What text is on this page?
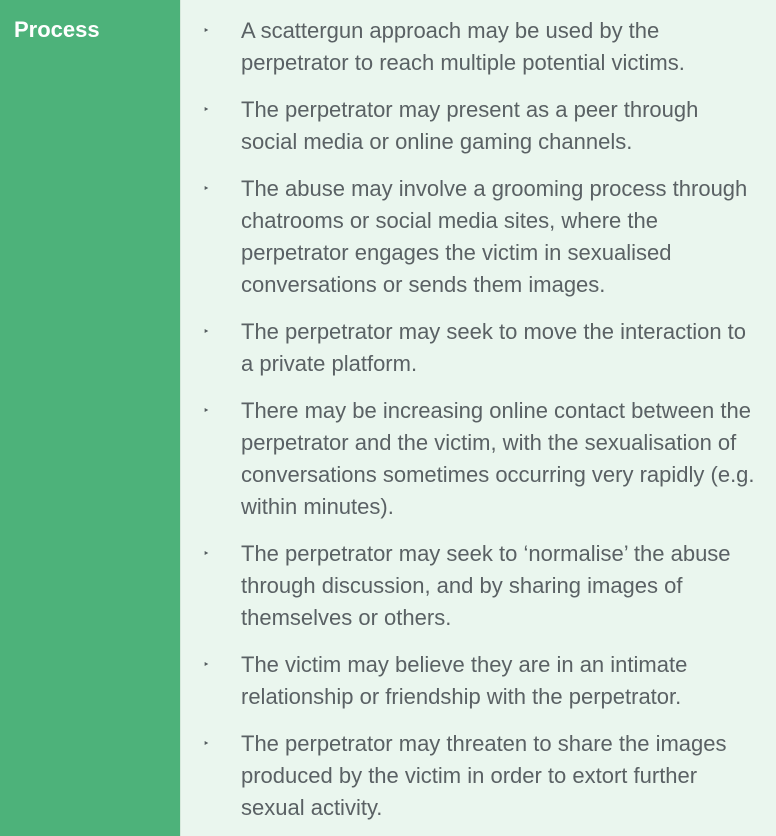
Process	‣	A scattergun approach may be used by the perpetrator to reach multiple potential victims.
‣	The perpetrator may present as a peer through social media or online gaming channels.
‣	The abuse may involve a grooming process through chatrooms or social media sites, where the perpetrator engages the victim in sexualised conversations or sends them images.
‣	The perpetrator may seek to move the interaction to a private platform.
‣	There may be increasing online contact between the perpetrator and the victim, with the sexualisation of conversations sometimes occurring very rapidly (e.g. within minutes).
‣	The perpetrator may seek to ‘normalise’ the abuse through discussion, and by sharing images of themselves or others.
‣	The victim may believe they are in an intimate relationship or friendship with the perpetrator.
‣	The perpetrator may threaten to share the images produced by the victim in order to extort further sexual activity.
